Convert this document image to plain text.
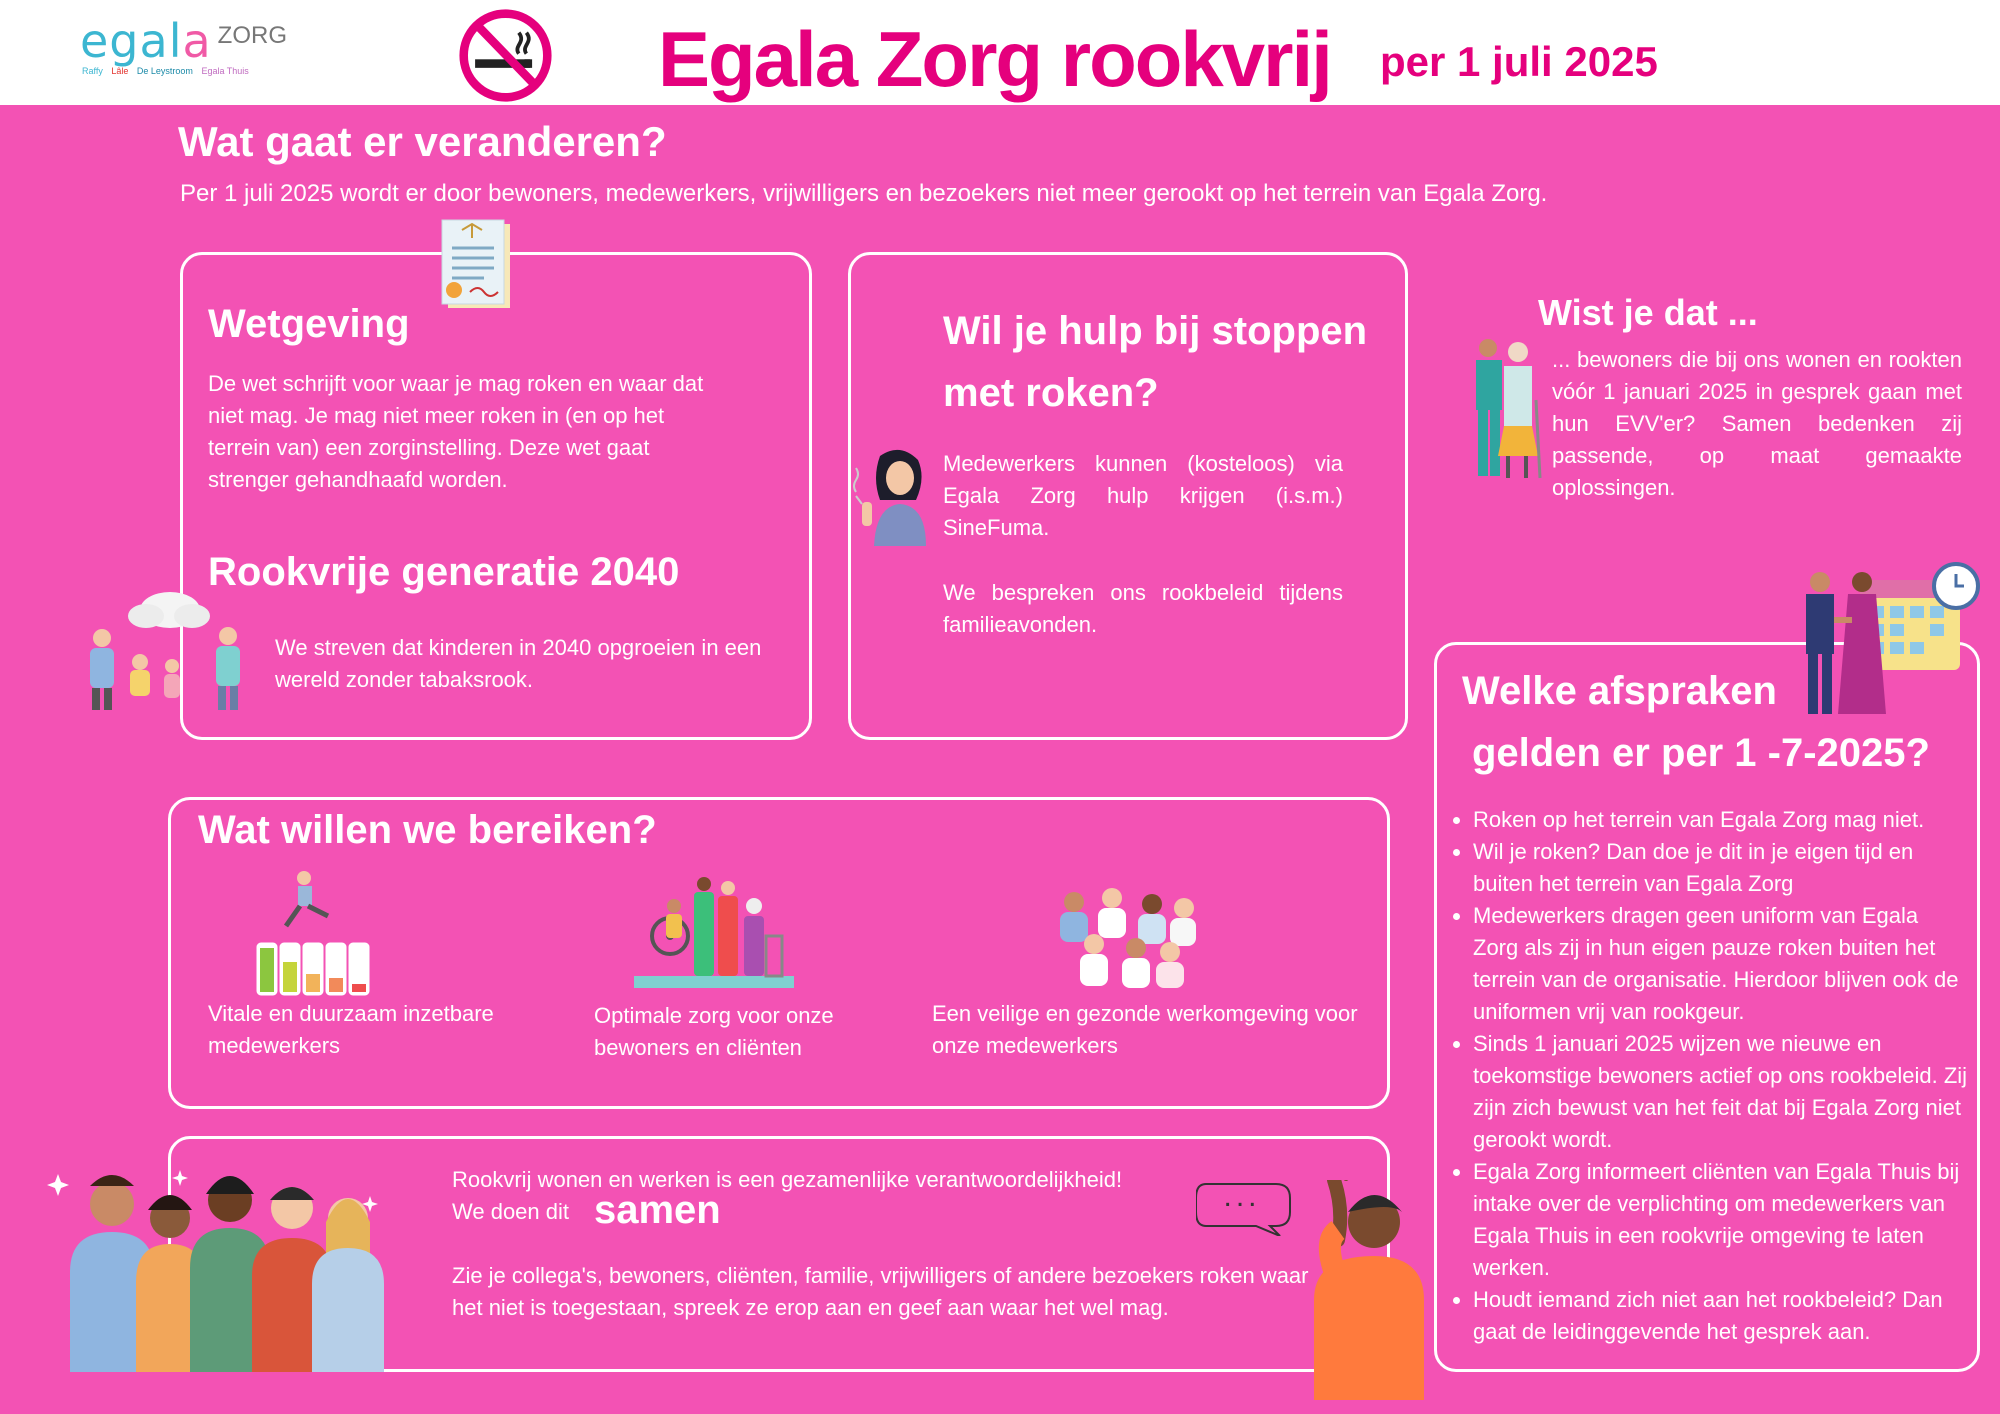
egala ZORG
Raffy Lâle De Leystroom Egala Thuis	Egala Zorg rookvrij per 1 juli 2025
Wat gaat er veranderen?
Per 1 juli 2025 wordt er door bewoners, medewerkers, vrijwilligers en bezoekers niet meer gerookt op het terrein van Egala Zorg.
Wetgeving
De wet schrijft voor waar je mag roken en waar dat niet mag. Je mag niet meer roken in (en op het terrein van) een zorginstelling. Deze wet gaat strenger gehandhaafd worden.
Rookvrije generatie 2040
We streven dat kinderen in 2040 opgroeien in een wereld zonder tabaksrook.
Wil je hulp bij stoppen
met roken?
Medewerkers kunnen (kosteloos) via Egala Zorg hulp krijgen (i.s.m.) SineFuma.
We bespreken ons rookbeleid tijdens familieavonden.
Wist je dat ...
... bewoners die bij ons wonen en rookten vóór 1 januari 2025 in gesprek gaan met hun EVV'er? Samen bedenken zij passende, op maat gemaakte oplossingen.
Welke afspraken
gelden er per 1 -7-2025?
• Roken op het terrein van Egala Zorg mag niet.
• Wil je roken? Dan doe je dit in je eigen tijd en buiten het terrein van Egala Zorg
• Medewerkers dragen geen uniform van Egala Zorg als zij in hun eigen pauze roken buiten het terrein van de organisatie. Hierdoor blijven ook de uniformen vrij van rookgeur.
• Sinds 1 januari 2025 wijzen we nieuwe en toekomstige bewoners actief op ons rookbeleid. Zij zijn zich bewust van het feit dat bij Egala Zorg niet gerookt wordt.
• Egala Zorg informeert cliënten van Egala Thuis bij intake over de verplichting om medewerkers van Egala Thuis in een rookvrije omgeving te laten werken.
• Houdt iemand zich niet aan het rookbeleid? Dan gaat de leidinggevende het gesprek aan.
Wat willen we bereiken?
Vitale en duurzaam inzetbare medewerkers
Optimale zorg voor onze bewoners en cliënten
Een veilige en gezonde werkomgeving voor onze medewerkers
Rookvrij wonen en werken is een gezamenlijke verantwoordelijkheid!
We doen dit samen
Zie je collega's, bewoners, cliënten, familie, vrijwilligers of andere bezoekers roken waar het niet is toegestaan, spreek ze erop aan en geef aan waar het wel mag.
...
